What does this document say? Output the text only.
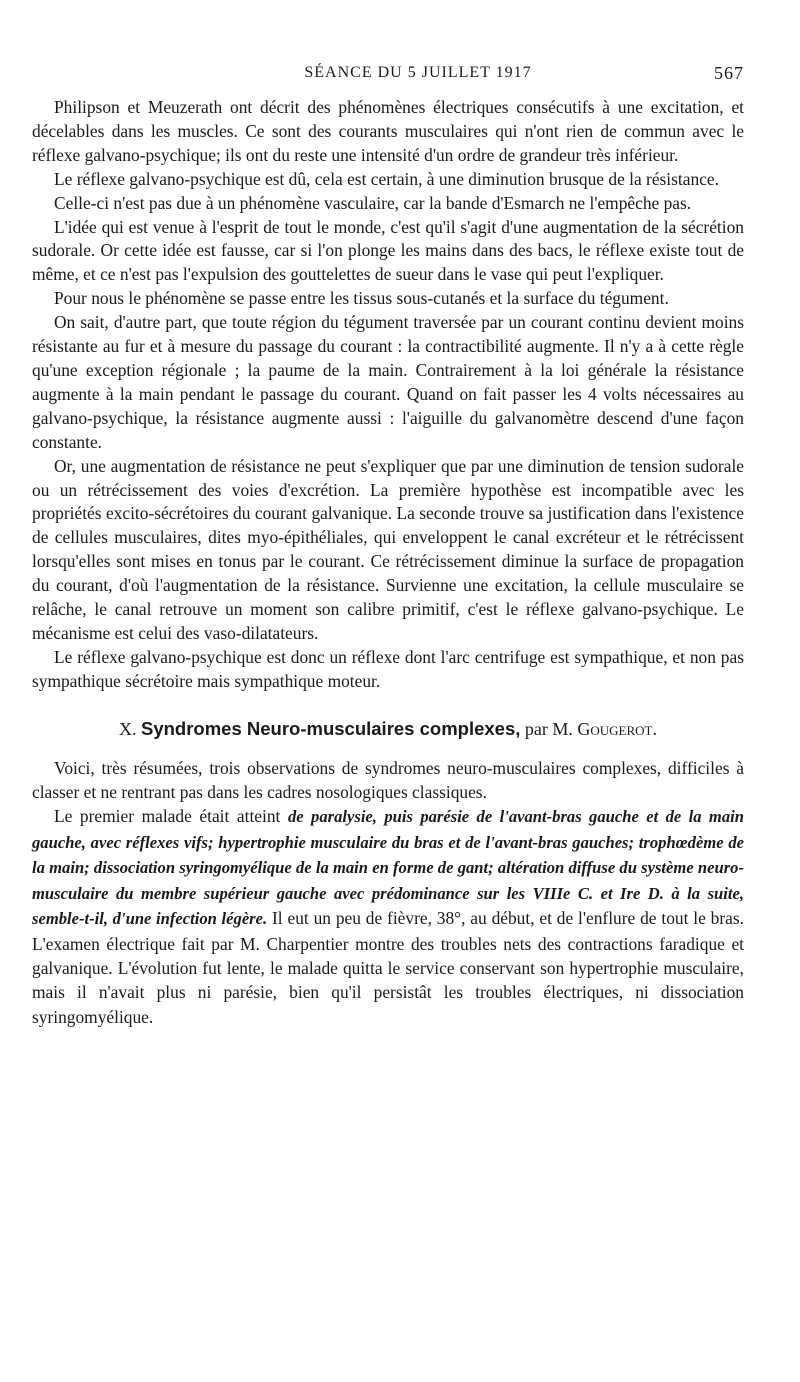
SÉANCE DU 5 JUILLET 1917	567

Philipson et Meuzerath ont décrit des phénomènes électriques consécutifs à une excitation, et décelables dans les muscles. Ce sont des courants musculaires qui n'ont rien de commun avec le réflexe galvano-psychique; ils ont du reste une intensité d'un ordre de grandeur très inférieur.

Le réflexe galvano-psychique est dû, cela est certain, à une diminution brusque de la résistance.

Celle-ci n'est pas due à un phénomène vasculaire, car la bande d'Esmarch ne l'empêche pas.

L'idée qui est venue à l'esprit de tout le monde, c'est qu'il s'agit d'une augmentation de la sécrétion sudorale. Or cette idée est fausse, car si l'on plonge les mains dans des bacs, le réflexe existe tout de même, et ce n'est pas l'expulsion des gouttelettes de sueur dans le vase qui peut l'expliquer.

Pour nous le phénomène se passe entre les tissus sous-cutanés et la surface du tégument.

On sait, d'autre part, que toute région du tégument traversée par un courant continu devient moins résistante au fur et à mesure du passage du courant : la contractibilité augmente. Il n'y a à cette règle qu'une exception régionale ; la paume de la main. Contrairement à la loi générale la résistance augmente à la main pendant le passage du courant. Quand on fait passer les 4 volts nécessaires au galvano-psychique, la résistance augmente aussi : l'aiguille du galvanomètre descend d'une façon constante.

Or, une augmentation de résistance ne peut s'expliquer que par une diminution de tension sudorale ou un rétrécissement des voies d'excrétion. La première hypothèse est incompatible avec les propriétés excito-sécrétoires du courant galvanique. La seconde trouve sa justification dans l'existence de cellules musculaires, dites myo-épithéliales, qui enveloppent le canal excréteur et le rétrécissent lorsqu'elles sont mises en tonus par le courant. Ce rétrécissement diminue la surface de propagation du courant, d'où l'augmentation de la résistance. Survienne une excitation, la cellule musculaire se relâche, le canal retrouve un moment son calibre primitif, c'est le réflexe galvano-psychique. Le mécanisme est celui des vaso-dilatateurs.

Le réflexe galvano-psychique est donc un réflexe dont l'arc centrifuge est sympathique, et non pas sympathique sécrétoire mais sympathique moteur.

X. Syndromes Neuro-musculaires complexes, par M. Gougerot.

Voici, très résumées, trois observations de syndromes neuro-musculaires complexes, difficiles à classer et ne rentrant pas dans les cadres nosologiques classiques.

Le premier malade était atteint de paralysie, puis parésie de l'avant-bras gauche et de la main gauche, avec réflexes vifs; hypertrophie musculaire du bras et de l'avant-bras gauches; trophœdème de la main; dissociation syringomyélique de la main en forme de gant; altération diffuse du système neuro-musculaire du membre supérieur gauche avec prédominance sur les VIIIe C. et Ire D. à la suite, semble-t-il, d'une infection légère. Il eut un peu de fièvre, 38°, au début, et de l'enflure de tout le bras. L'examen électrique fait par M. Charpentier montre des troubles nets des contractions faradique et galvanique. L'évolution fut lente, le malade quitta le service conservant son hypertrophie musculaire, mais il n'avait plus ni parésie, bien qu'il persistât les troubles électriques, ni dissociation syringomyélique.
